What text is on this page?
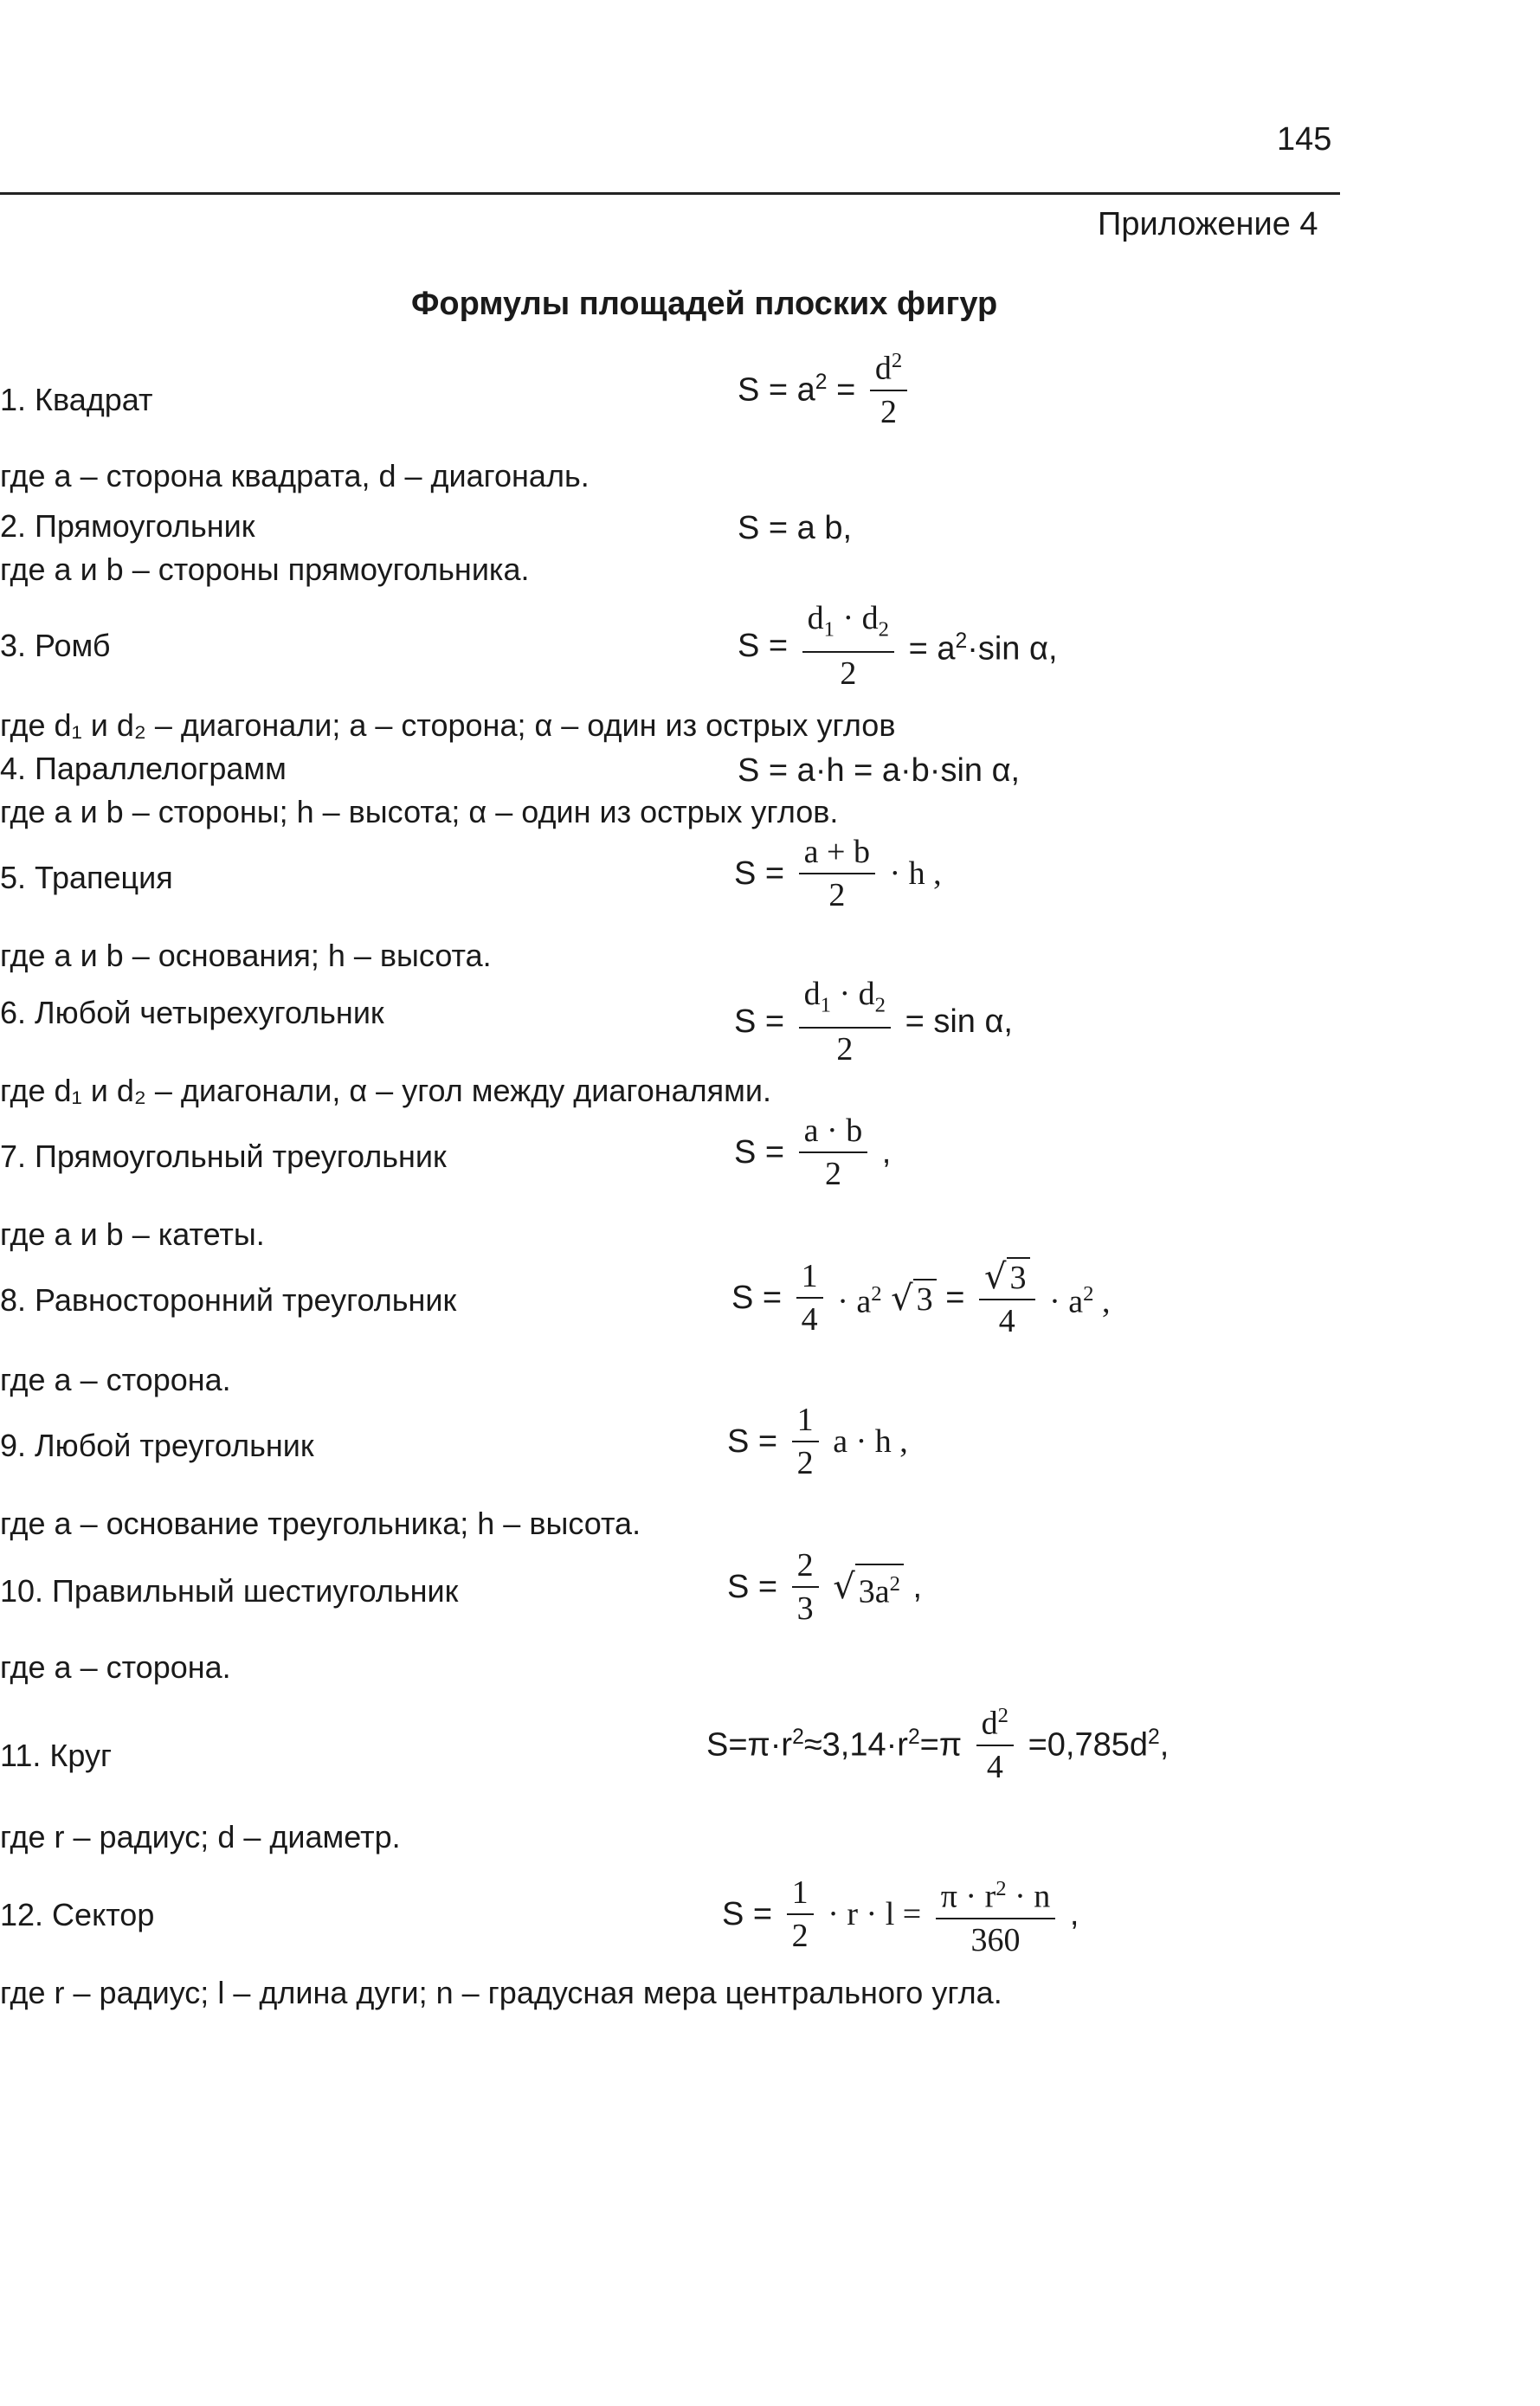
145
Приложение 4
Формулы площадей плоских фигур
1. Квадрат	$S = a^2 = \frac{d^2}{2}$
где a – сторона квадрата, d – диагональ.
2. Прямоугольник	S = a b,
где a и b – стороны прямоугольника.
3. Ромб	$S = \frac{d_1 \cdot d_2}{2} = a^2\cdot\sin$ α,
где d₁ и d₂ – диагонали; a – сторона; α – один из острых углов
4. Параллелограмм	S = a·h = a·b·sin α,
где a и b – стороны; h – высота; α – один из острых углов.
5. Трапеция	$S = \frac{a + b}{2} \cdot h$ ,
где a и b – основания; h – высота.
6. Любой четырехугольник	$S = \frac{d_1 \cdot d_2}{2} = \sin \alpha$,
где d₁ и d₂ – диагонали, α – угол между диагоналями.
7. Прямоугольный треугольник	$S = \frac{a \cdot b}{2}$ ,
где a и b – катеты.
8. Равносторонний треугольник	$S = \frac{1}{4} \cdot a^2$ √ $3 = \frac{√ 3}{4} \cdot a^2$ ,
где a – сторона.
9. Любой треугольник	$S = \frac{1}{2}$ a · h ,
где a – основание треугольника; h – высота.
10. Правильный шестиугольник	$S = \frac{2}{3}$ √ $3a^2$ ,
где a – сторона.
11. Круг	$S=\pi\cdot r^2\approx 3,14\cdot r^2=\pi \frac{d^2}{4} =0,785d^2$,
где r – радиус; d – диаметр.
12. Сектор	$S = \frac{1}{2} \cdot r \cdot l = \frac{\pi \cdot r^2 \cdot n}{360}$ ,
где r – радиус; l – длина дуги; n – градусная мера центрального угла.
